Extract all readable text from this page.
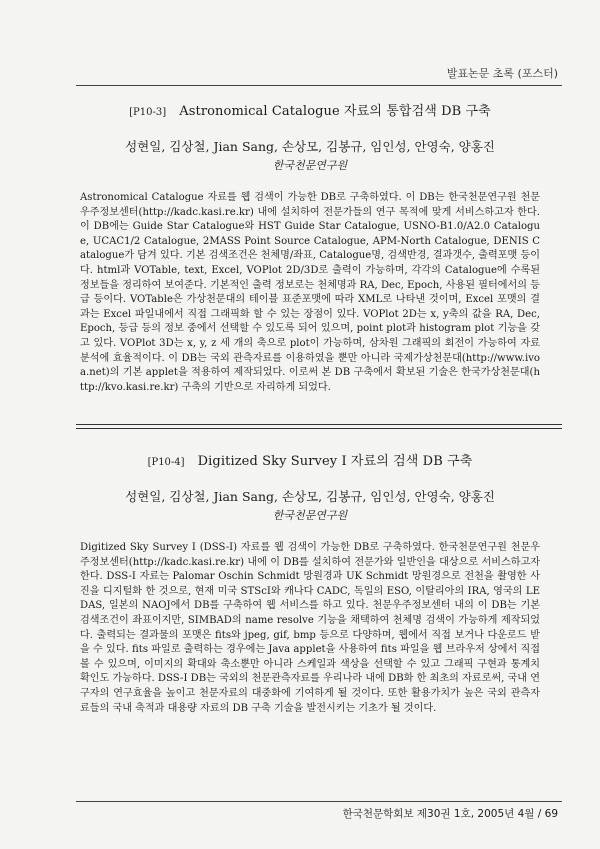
발표논문 초록 (포스터)
[P10-3] Astronomical Catalogue 자료의 통합검색 DB 구축
성현일, 김상철, Jian Sang, 손상모, 김봉규, 임인성, 안영숙, 양홍진
한국천문연구원
Astronomical Catalogue 자료를 웹 검색이 가능한 DB로 구축하였다. 이 DB는 한국천문연구원 천문우주정보센터(http://kadc.kasi.re.kr) 내에 설치하여 전문가들의 연구 목적에 맞게 서비스하고자 한다. 이 DB에는 Guide Star Catalogue와 HST Guide Star Catalogue, USNO-B1.0/A2.0 Catalogue, UCAC1/2 Catalogue, 2MASS Point Source Catalogue, APM-North Catalogue, DENIS Catalogue가 담겨 있다. 기본 검색조건은 천체명/좌표, Catalogue명, 검색반경, 결과갯수, 출력포맷 등이다. html과 VOTable, text, Excel, VOPlot 2D/3D로 출력이 가능하며, 각각의 Catalogue에 수록된 정보들을 정리하여 보여준다. 기본적인 출력 정보로는 천체명과 RA, Dec, Epoch, 사용된 필터에서의 등급 등이다. VOTable은 가상천문대의 테이블 표준포맷에 따라 XML로 나타낸 것이며, Excel 포맷의 결과는 Excel 파일내에서 직접 그래픽화 할 수 있는 장점이 있다. VOPlot 2D는 x, y축의 값을 RA, Dec, Epoch, 등급 등의 정보 중에서 선택할 수 있도록 되어 있으며, point plot과 histogram plot 기능을 갖고 있다. VOPlot 3D는 x, y, z 세 개의 축으로 plot이 가능하며, 삼차원 그래픽의 회전이 가능하여 자료분석에 효율적이다. 이 DB는 국외 관측자료를 이용하였을 뿐만 아니라 국제가상천문대(http://www.ivoa.net)의 기본 applet을 적용하여 제작되었다. 이로써 본 DB 구축에서 확보된 기술은 한국가상천문대(http://kvo.kasi.re.kr) 구축의 기반으로 자리하게 되었다.
[P10-4] Digitized Sky Survey I 자료의 검색 DB 구축
성현일, 김상철, Jian Sang, 손상모, 김봉규, 임인성, 안영숙, 양홍진
한국천문연구원
Digitized Sky Survey I (DSS-I) 자료를 웹 검색이 가능한 DB로 구축하였다. 한국천문연구원 천문우주정보센터(http://kadc.kasi.re.kr) 내에 이 DB를 설치하여 전문가와 일반인을 대상으로 서비스하고자 한다. DSS-I 자료는 Palomar Oschin Schmidt 망원경과 UK Schmidt 망원경으로 전천을 촬영한 사진을 디지털화 한 것으로, 현재 미국 STScI와 캐나다 CADC, 독일의 ESO, 이탈리아의 IRA, 영국의 LEDAS, 일본의 NAOJ에서 DB를 구축하여 웹 서비스를 하고 있다. 천문우주정보센터 내의 이 DB는 기본 검색조건이 좌표이지만, SIMBAD의 name resolve 기능을 채택하여 천체명 검색이 가능하게 제작되었다. 출력되는 결과물의 포맷은 fits와 jpeg, gif, bmp 등으로 다양하며, 웹에서 직접 보거나 다운로드 받을 수 있다. fits 파일로 출력하는 경우에는 Java applet을 사용하여 fits 파일을 웹 브라우저 상에서 직접 볼 수 있으며, 이미지의 확대와 축소뿐만 아니라 스케일과 색상을 선택할 수 있고 그래픽 구현과 통계치 확인도 가능하다. DSS-I DB는 국외의 천문관측자료를 우리나라 내에 DB화 한 최초의 자료로써, 국내 연구자의 연구효율을 높이고 천문자료의 대중화에 기여하게 될 것이다. 또한 활용가치가 높은 국외 관측자료들의 국내 축적과 대용량 자료의 DB 구축 기술을 발전시키는 기초가 될 것이다.
한국천문학회보 제30권 1호, 2005년 4월 / 69
